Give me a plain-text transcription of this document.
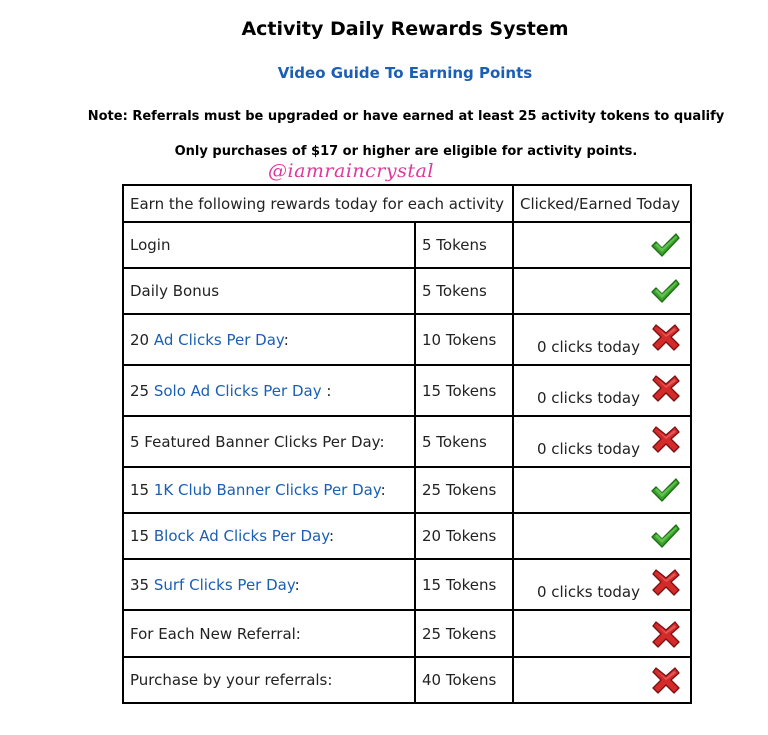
Activity Daily Rewards System
Video Guide To Earning Points
Note: Referrals must be upgraded or have earned at least 25 activity tokens to qualify
Only purchases of $17 or higher are eligible for activity points.
@iamraincrystal
Earn the following rewards today for each activity		Clicked/Earned Today
Login	5 Tokens	

Daily Bonus	5 Tokens	

20 Ad Clicks Per Day:	10 Tokens	0 clicks today

25 Solo Ad Clicks Per Day :	15 Tokens	0 clicks today

5 Featured Banner Clicks Per Day:	5 Tokens	0 clicks today

15 1K Club Banner Clicks Per Day:	25 Tokens	

15 Block Ad Clicks Per Day:	20 Tokens	

35 Surf Clicks Per Day:	15 Tokens	0 clicks today

For Each New Referral:	25 Tokens	

Purchase by your referrals:	40 Tokens	
